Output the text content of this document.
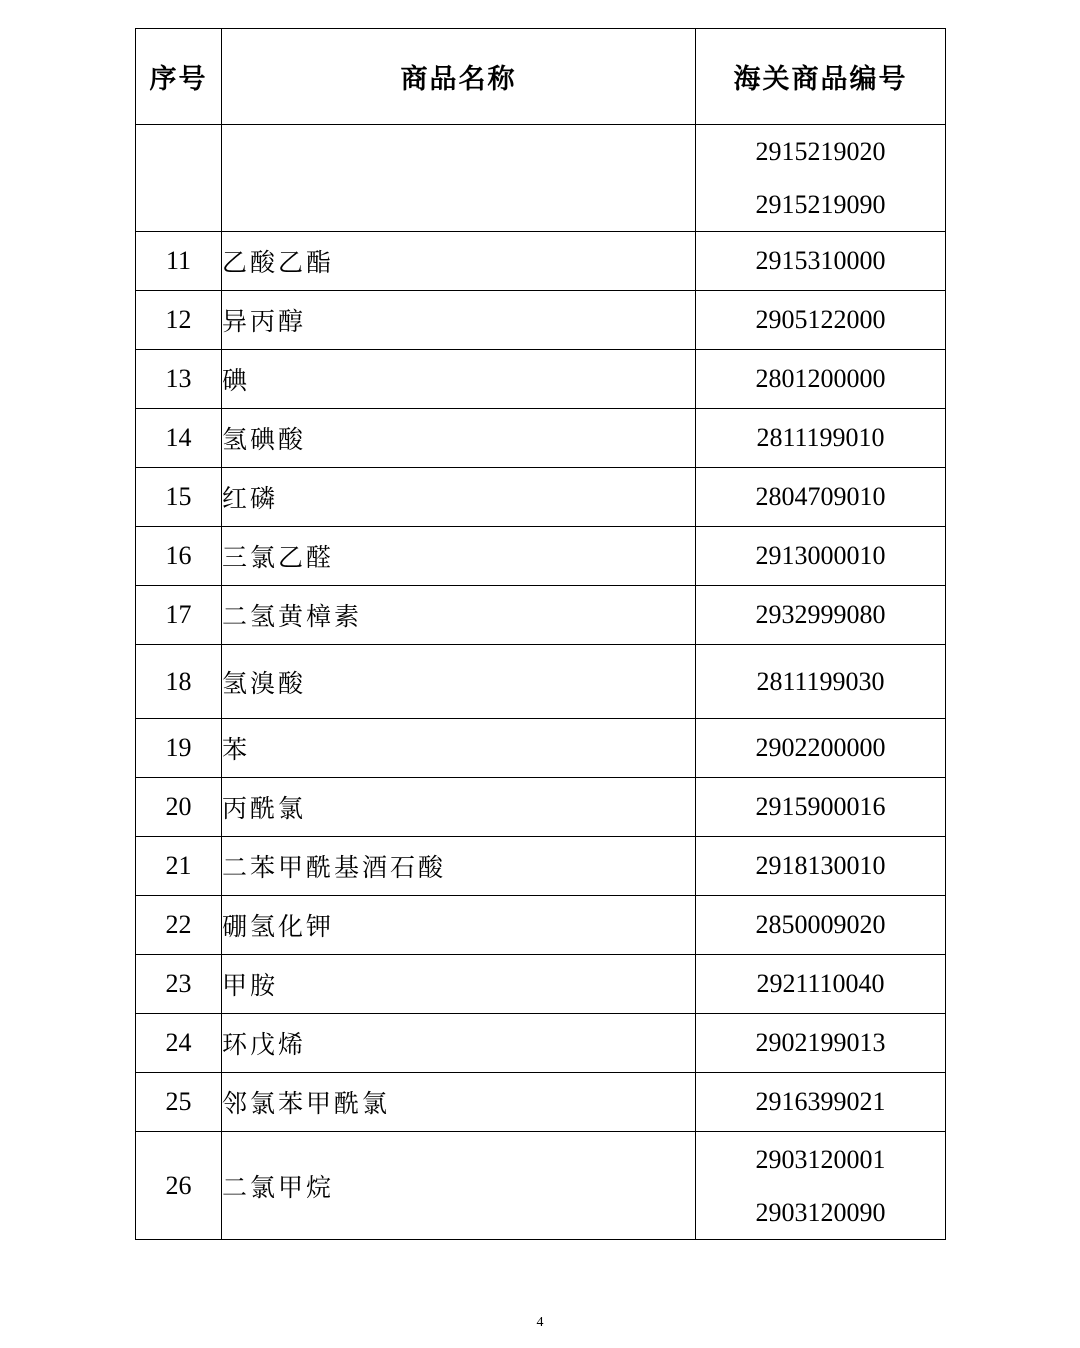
序号	商品名称	海关商品编号

		2915219020
2915219090

11	乙酸乙酯	2915310000
12	异丙醇	2905122000
13	碘	2801200000
14	氢碘酸	2811199010
15	红磷	2804709010
16	三氯乙醛	2913000010
17	二氢黄樟素	2932999080
18	氢溴酸	2811199030
19	苯	2902200000
20	丙酰氯	2915900016
21	二苯甲酰基酒石酸	2918130010
22	硼氢化钾	2850009020
23	甲胺	2921110040
24	环戊烯	2902199013
25	邻氯苯甲酰氯	2916399021
26	二氯甲烷	2903120001
2903120090
4
